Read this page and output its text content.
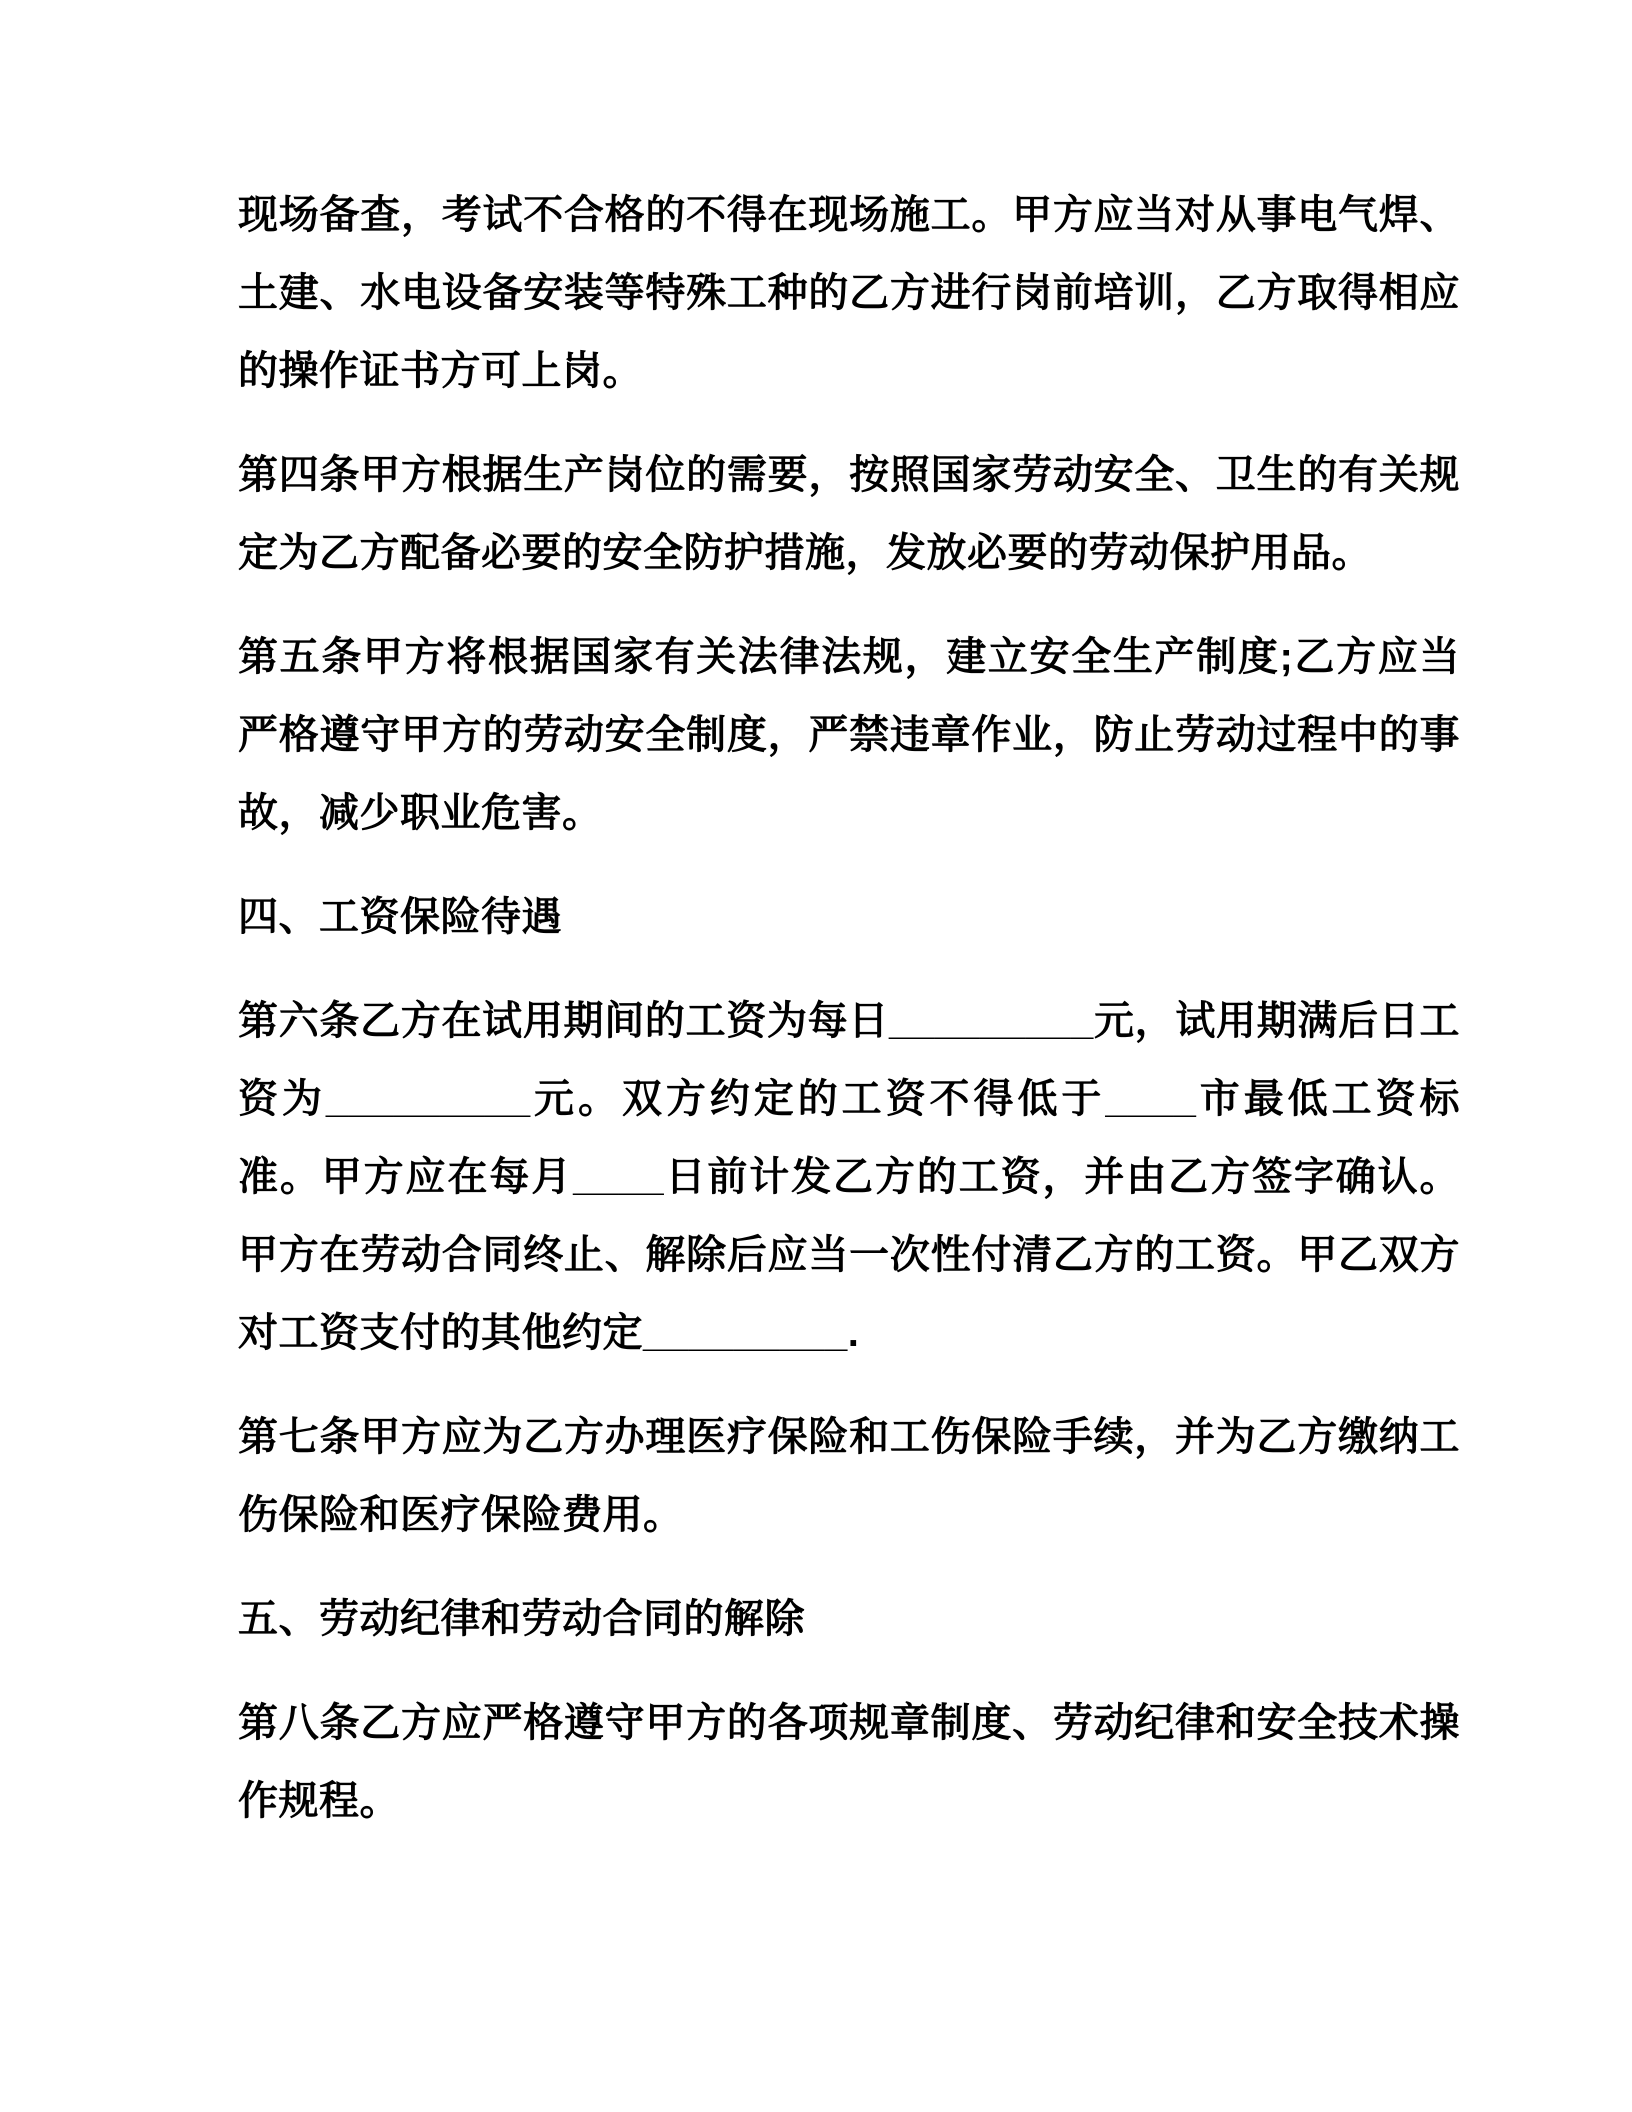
现场备查，考试不合格的不得在现场施工。甲方应当对从事电气焊、土建、水电设备安装等特殊工种的乙方进行岗前培训，乙方取得相应的操作证书方可上岗。

第四条甲方根据生产岗位的需要，按照国家劳动安全、卫生的有关规定为乙方配备必要的安全防护措施，发放必要的劳动保护用品。

第五条甲方将根据国家有关法律法规，建立安全生产制度;乙方应当严格遵守甲方的劳动安全制度，严禁违章作业，防止劳动过程中的事故，减少职业危害。

四、工资保险待遇

第六条乙方在试用期间的工资为每日_________元，试用期满后日工资为_________元。双方约定的工资不得低于____市最低工资标准。甲方应在每月____日前计发乙方的工资，并由乙方签字确认。甲方在劳动合同终止、解除后应当一次性付清乙方的工资。甲乙双方对工资支付的其他约定_________.

第七条甲方应为乙方办理医疗保险和工伤保险手续，并为乙方缴纳工伤保险和医疗保险费用。

五、劳动纪律和劳动合同的解除

第八条乙方应严格遵守甲方的各项规章制度、劳动纪律和安全技术操作规程。
